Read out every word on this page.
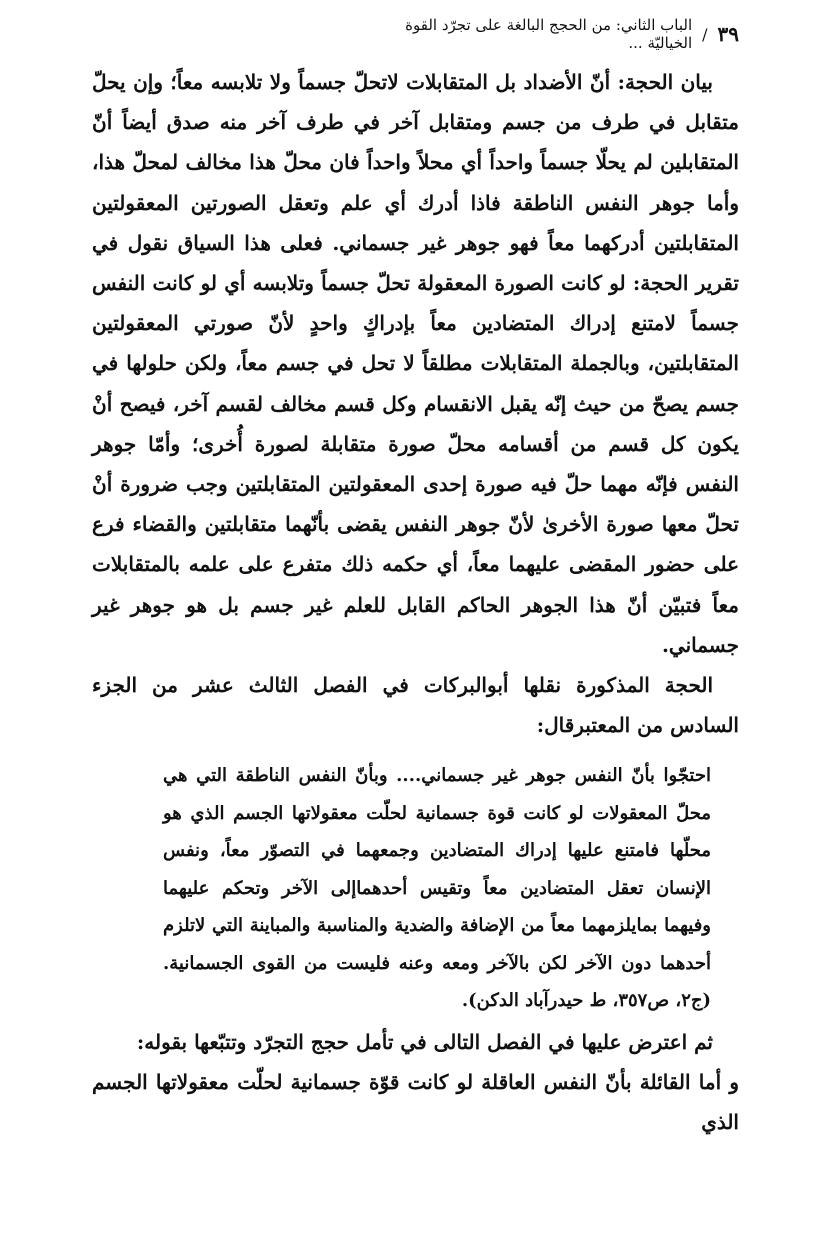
٣٩
/
الباب الثاني: من الحجج البالغة على تجرّد القوة الخياليّة ...

بيان الحجة: أنّ الأضداد بل المتقابلات لاتحلّ جسماً ولا تلابسه معاً؛ وإن يحلّ متقابل في طرف من جسم ومتقابل آخر في طرف آخر منه صدق أيضاً أنّ المتقابلين لم يحلّا جسماً واحداً أي محلاً واحداً فان محلّ هذا مخالف لمحلّ هذا، وأما جوهر النفس الناطقة فاذا أدرك أي علم وتعقل الصورتين المعقولتين المتقابلتين أدركهما معاً فهو جوهر غير جسماني. فعلى هذا السياق نقول في تقرير الحجة: لو كانت الصورة المعقولة تحلّ جسماً وتلابسه أي لو كانت النفس جسماً لامتنع إدراك المتضادين معاً بإدراكٍ واحدٍ لأنّ صورتي المعقولتين المتقابلتين، وبالجملة المتقابلات مطلقاً لا تحل في جسم معاً، ولكن حلولها في جسم يصحّ من حيث إنّه يقبل الانقسام وكل قسم مخالف لقسم آخر، فيصح أنْ يكون كل قسم من أقسامه محلّ صورة متقابلة لصورة أُخرى؛ وأمّا جوهر النفس فإنّه مهما حلّ فيه صورة إحدى المعقولتين المتقابلتين وجب ضرورة أنْ تحلّ معها صورة الأخرىٰ لأنّ جوهر النفس يقضى بأنّهما متقابلتين والقضاء فرع على حضور المقضى عليهما معاً، أي حكمه ذلك متفرع على علمه بالمتقابلات معاً فتبيّن أنّ هذا الجوهر الحاكم القابل للعلم غير جسم بل هو جوهر غير جسماني.

الحجة المذكورة نقلها أبوالبركات في الفصل الثالث عشر من الجزء السادس من المعتبرقال:

احتجّوا بأنّ النفس جوهر غير جسماني.... وبأنّ النفس الناطقة التي هي محلّ المعقولات لو كانت قوة جسمانية لحلّت معقولاتها الجسم الذي هو محلّها فامتنع عليها إدراك المتضادين وجمعهما في التصوّر معاً، ونفس الإنسان تعقل المتضادين معاً وتقيس أحدهماإلى الآخر وتحكم عليهما وفيهما بمايلزمهما معاً من الإضافة والضدية والمناسبة والمباينة التي لاتلزم أحدهما دون الآخر لكن بالآخر ومعه وعنه فليست من القوى الجسمانية. (ج٢، ص٣٥٧، ط حيدرآباد الدكن).

ثم اعترض عليها في الفصل التالى في تأمل حجج التجرّد وتتبّعها بقوله:

و أما القائلة بأنّ النفس العاقلة لو كانت قوّة جسمانية لحلّت معقولاتها الجسم الذي
